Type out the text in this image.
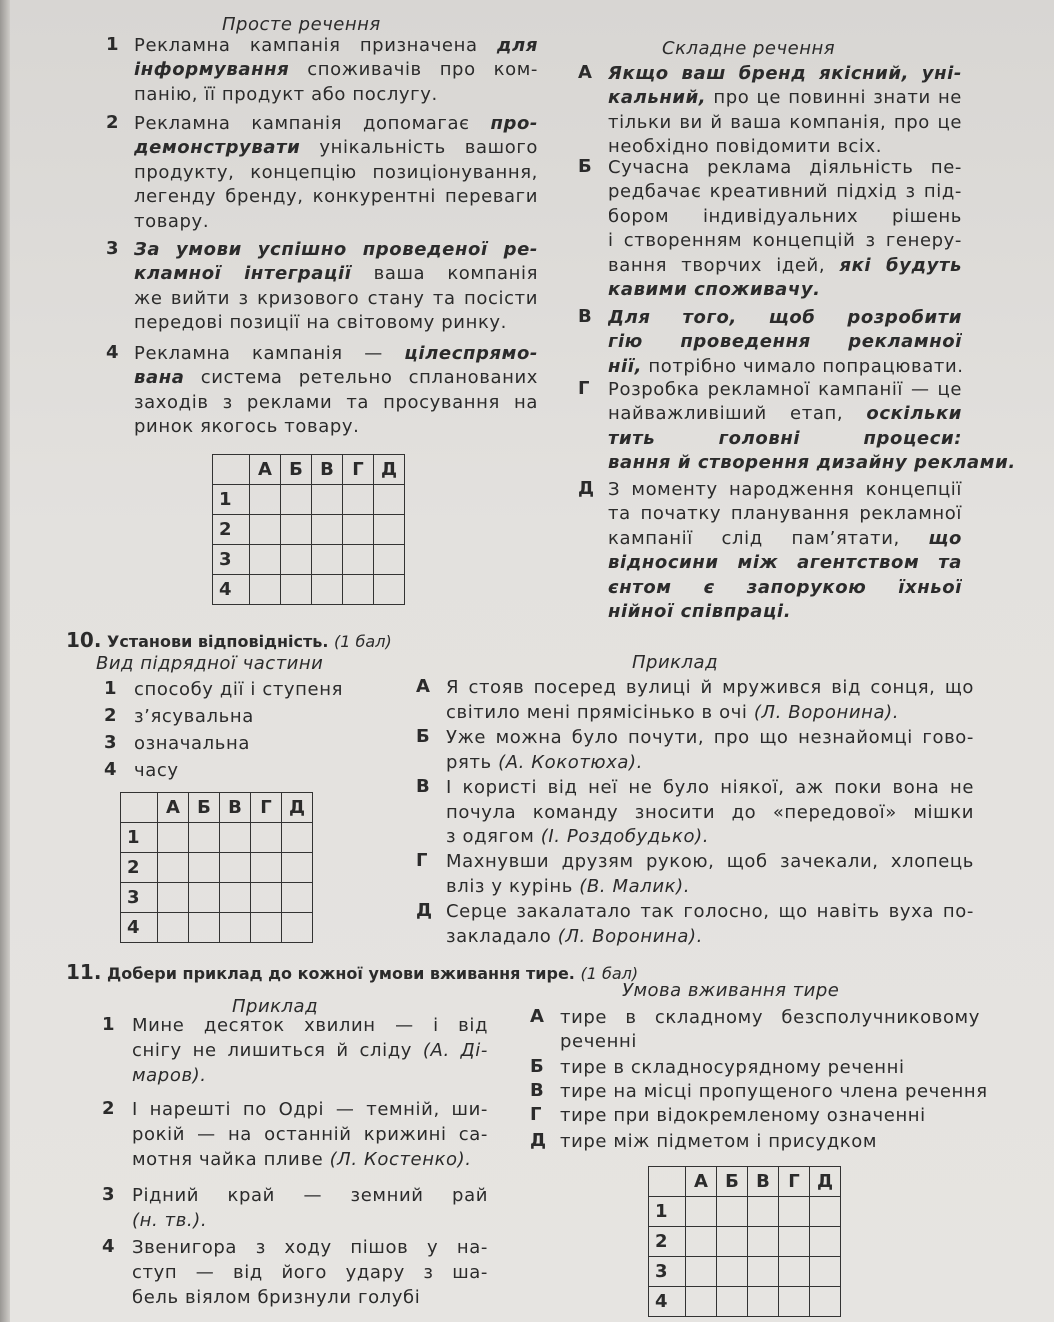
Просте речення
Складне речення
1 Рекламна кампанія призначена для
інформування споживачів про ком-
панію, її продукт або послугу.
2 Рекламна кампанія допомагає про-
демонструвати унікальність вашого
продукту, концепцію позиціонування,
легенду бренду, конкурентні переваги
товару.
3 За умови успішно проведеної ре-
кламної інтеграції ваша компанія
же вийти з кризового стану та посісти
передові позиції на світовому ринку.
4 Рекламна кампанія — цілеспрямо-
вана система ретельно спланованих
заходів з реклами та просування на
ринок якогось товару.
А Якщо ваш бренд якісний, уні-
кальний, про це повинні знати не
тільки ви й ваша компанія, про це
необхідно повідомити всіх.
Б Сучасна реклама діяльність пе-
редбачає креативний підхід з під-
бором індивідуальних рішень
і створенням концепцій з генеру-
вання творчих ідей, які будуть
кавими споживачу.
В Для того, щоб розробити
гію проведення рекламної
нії, потрібно чимало попрацювати.
Г Розробка рекламної кампанії — це
найважливіший етап, оскільки
тить головні процеси:
вання й створення дизайну реклами.
Д З моменту народження концепції
та початку планування рекламної
кампанії слід пам’ятати, що
відносини між агентством та
єнтом є запорукою їхньої
нійної співпраці.
	А	Б	В	Г	Д
1					
2					
3					
4					
10. Установи відповідність. (1 бал)
Вид підрядної частини	Приклад
1 способу дії і ступеня
2 з’ясувальна
3 означальна
4 часу
А Я стояв посеред вулиці й мружився від сонця, що
світило мені прямісінько в очі (Л. Воронина).
Б Уже можна було почути, про що незнайомці гово-
рять (А. Кокотюха).
В І користі від неї не було ніякої, аж поки вона не
почула команду зносити до «передової» мішки
з одягом (І. Роздобудько).
Г Махнувши друзям рукою, щоб зачекали, хлопець
вліз у курінь (В. Малик).
Д Серце закалатало так голосно, що навіть вуха по-
закладало (Л. Воронина).
	А	Б	В	Г	Д
1					
2					
3					
4					
11. Добери приклад до кожної умови вживання тире. (1 бал)
Приклад
Умова вживання тире
1 Мине десяток хвилин — і від
снігу не лишиться й сліду (А. Ді-
маров).
2 І нарешті по Одрі — темній, ши-
рокій — на останній крижині са-
мотня чайка пливе (Л. Костенко).
3 Рідний край — земний рай
(н. тв.).
4 Звенигора з ходу пішов у на-
ступ — від його удару з ша-
бель віялом бризнули голубі
А тире в складному безсполучниковому
реченні
Б тире в складносурядному реченні
В тире на місці пропущеного члена речення
Г тире при відокремленому означенні
Д тире між підметом і присудком
	А	Б	В	Г	Д
1					
2					
3					
4					
